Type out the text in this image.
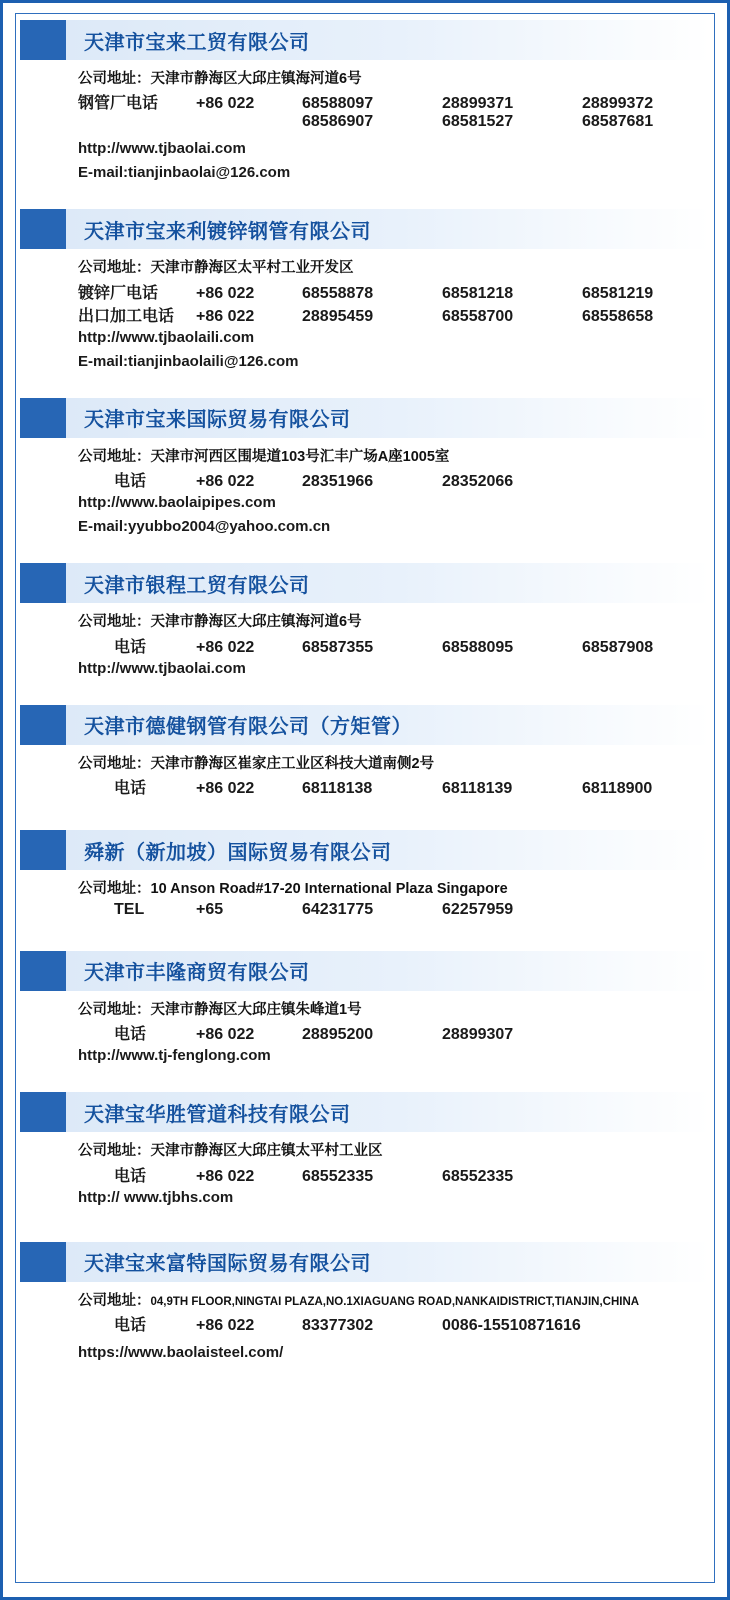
天津市宝来工贸有限公司
公司地址： 天津市静海区大邱庄镇海河道6号
钢管厂电话	+86 022	68588097	28899371	28899372
68586907	68581527	68587681
http://www.tjbaolai.com
E-mail:tianjinbaolai@126.com
天津市宝来利镀锌钢管有限公司
公司地址： 天津市静海区太平村工业开发区
镀锌厂电话	+86 022	68558878	68581218	68581219
出口加工电话	+86 022	28895459	68558700	68558658
http://www.tjbaolaili.com
E-mail:tianjinbaolaili@126.com
天津市宝来国际贸易有限公司
公司地址： 天津市河西区围堤道103号汇丰广场A座1005室
电话	+86 022	28351966	28352066
http://www.baolaipipes.com
E-mail:yyubbo2004@yahoo.com.cn
天津市银程工贸有限公司
公司地址： 天津市静海区大邱庄镇海河道6号
电话	+86 022	68587355	68588095	68587908
http://www.tjbaolai.com
天津市德健钢管有限公司（方矩管）
公司地址： 天津市静海区崔家庄工业区科技大道南侧2号
电话	+86 022	68118138	68118139	68118900
舜新（新加坡）国际贸易有限公司
公司地址： 10 Anson Road#17-20 International Plaza Singapore
TEL	+65	64231775	62257959
天津市丰隆商贸有限公司
公司地址： 天津市静海区大邱庄镇朱峰道1号
电话	+86 022	28895200	28899307
http://www.tj-fenglong.com
天津宝华胜管道科技有限公司
公司地址： 天津市静海区大邱庄镇太平村工业区
电话	+86 022	68552335	68552335
http:// www.tjbhs.com
天津宝来富特国际贸易有限公司
公司地址： 04,9TH FLOOR,NINGTAI PLAZA,NO.1XIAGUANG ROAD,NANKAIDISTRICT,TIANJIN,CHINA
电话	+86 022	83377302	0086-15510871616
https://www.baolaisteel.com/
